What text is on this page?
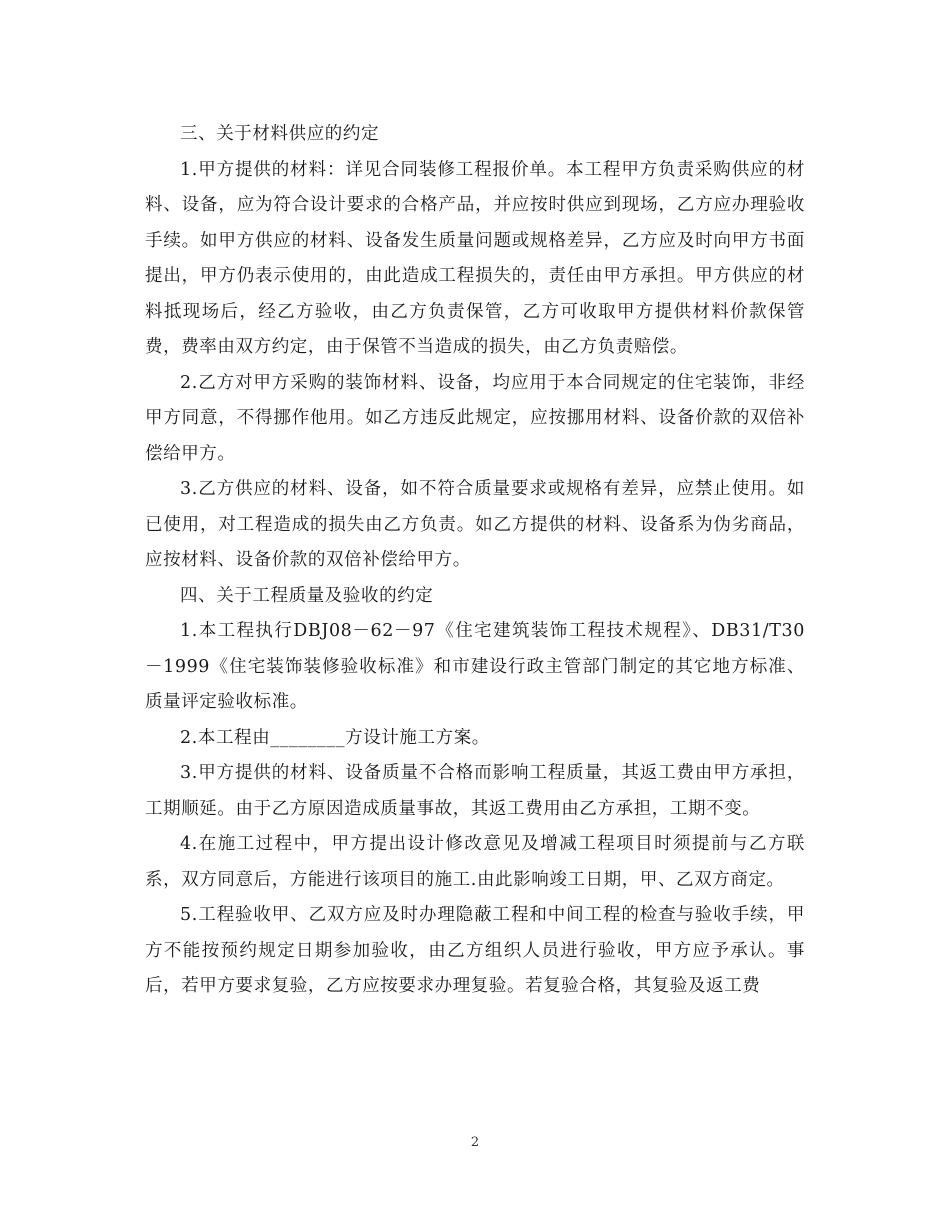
三、关于材料供应的约定

1.甲方提供的材料：详见合同装修工程报价单。本工程甲方负责采购供应的材料、设备，应为符合设计要求的合格产品，并应按时供应到现场，乙方应办理验收手续。如甲方供应的材料、设备发生质量问题或规格差异，乙方应及时向甲方书面提出，甲方仍表示使用的，由此造成工程损失的，责任由甲方承担。甲方供应的材料抵现场后，经乙方验收，由乙方负责保管，乙方可收取甲方提供材料价款保管费，费率由双方约定，由于保管不当造成的损失，由乙方负责赔偿。

2.乙方对甲方采购的装饰材料、设备，均应用于本合同规定的住宅装饰，非经甲方同意，不得挪作他用。如乙方违反此规定，应按挪用材料、设备价款的双倍补偿给甲方。

3.乙方供应的材料、设备，如不符合质量要求或规格有差异，应禁止使用。如已使用，对工程造成的损失由乙方负责。如乙方提供的材料、设备系为伪劣商品，应按材料、设备价款的双倍补偿给甲方。

四、关于工程质量及验收的约定

1.本工程执行DBJ08－62－97《住宅建筑装饰工程技术规程》、DB31/T30－1999《住宅装饰装修验收标准》和市建设行政主管部门制定的其它地方标准、质量评定验收标准。

2.本工程由________方设计施工方案。

3.甲方提供的材料、设备质量不合格而影响工程质量，其返工费由甲方承担，工期顺延。由于乙方原因造成质量事故，其返工费用由乙方承担，工期不变。

4.在施工过程中，甲方提出设计修改意见及增减工程项目时须提前与乙方联系，双方同意后，方能进行该项目的施工.由此影响竣工日期，甲、乙双方商定。

5.工程验收甲、乙双方应及时办理隐蔽工程和中间工程的检查与验收手续，甲方不能按预约规定日期参加验收，由乙方组织人员进行验收，甲方应予承认。事后，若甲方要求复验，乙方应按要求办理复验。若复验合格，其复验及返工费

2
